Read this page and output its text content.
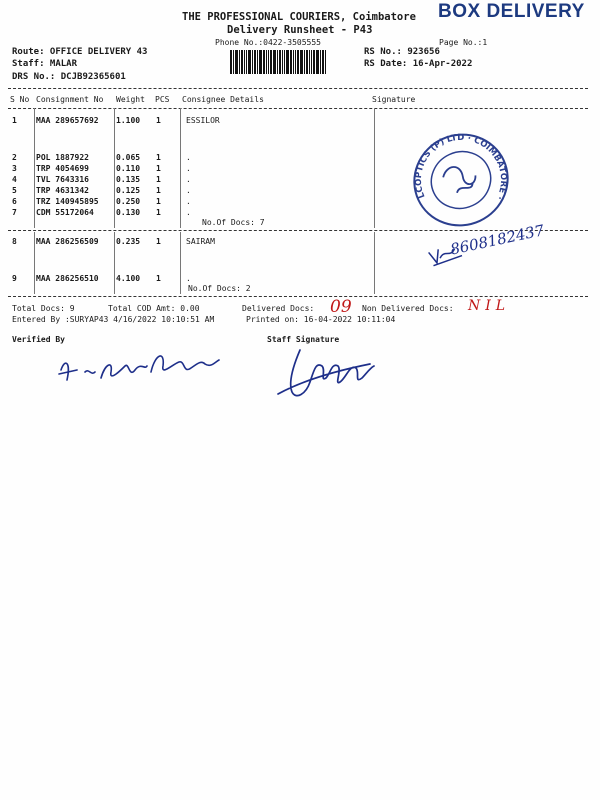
THE PROFESSIONAL COURIERS, Coimbatore
Delivery Runsheet - P43
BOX DELIVERY
Phone No.:0422-3505555	Page No.:1
Route: OFFICE DELIVERY 43
Staff: MALAR
DRS No.: DCJB92365601
RS No.: 923656
RS Date: 16-Apr-2022
S No Consignment No Weight PCS Consignee Details	Signature
1 MAA 289657692 1.100 1	ESSILOR
2 POL 1887922	0.065 1	.
3 TRP 4054699	0.110 1	.
4 TVL 7643316	0.135 1	.
5 TRP 4631342	0.125 1	.
6 TRZ 140945895 0.250 1	.
7 CDM 55172064	0.130 1	.
No.Of Docs: 7
8 MAA 286256509 0.235 1	SAIRAM
9 MAA 286256510 4.100 1	.
No.Of Docs: 2
LCOPTICS (P) LTD · COIMBATORE ·
8608182437
Total Docs: 9	Total COD Amt: 0.00	Delivered Docs: 09 Non Delivered Docs: NIL
Entered By :SURYAP43 4/16/2022 10:10:51 AM	Printed on: 16-04-2022 10:11:04
Verified By	Staff Signature
